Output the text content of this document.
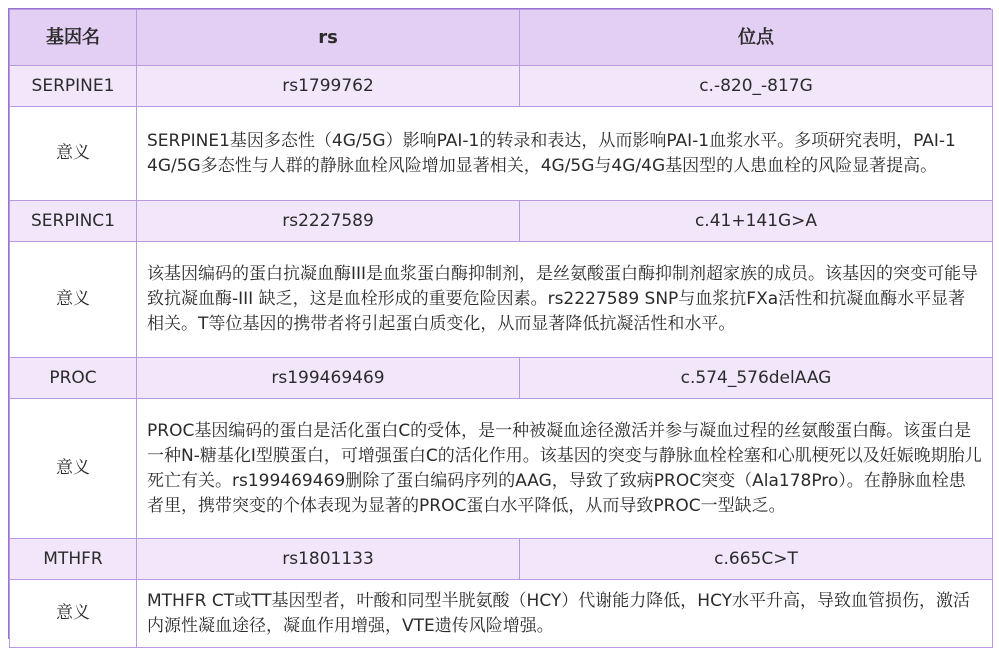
基因名	rs	位点
SERPINE1	rs1799762	c.-820_-817G
意义	SERPINE1基因多态性（4G/5G）影响PAI-1的转录和表达，从而影响PAI-1血浆水平。多项研究表明，PAI-1 4G/5G多态性与人群的静脉血栓风险增加显著相关，4G/5G与4G/4G基因型的人患血栓的风险显著提高。	
SERPINC1	rs2227589	c.41+141G>A
意义	该基因编码的蛋白抗凝血酶III是血浆蛋白酶抑制剂，是丝氨酸蛋白酶抑制剂超家族的成员。该基因的突变可能导致抗凝血酶-III 缺乏，这是血栓形成的重要危险因素。rs2227589 SNP与血浆抗FXa活性和抗凝血酶水平显著相关。T等位基因的携带者将引起蛋白质变化，从而显著降低抗凝活性和水平。	
PROC	rs199469469	c.574_576delAAG
意义	PROC基因编码的蛋白是活化蛋白C的受体，是一种被凝血途径激活并参与凝血过程的丝氨酸蛋白酶。该蛋白是一种N-糖基化I型膜蛋白，可增强蛋白C的活化作用。该基因的突变与静脉血栓栓塞和心肌梗死以及妊娠晚期胎儿死亡有关。rs199469469删除了蛋白编码序列的AAG，导致了致病PROC突变（Ala178Pro）。在静脉血栓患者里，携带突变的个体表现为显著的PROC蛋白水平降低，从而导致PROC一型缺乏。	
MTHFR	rs1801133	c.665C>T
意义	MTHFR CT或TT基因型者，叶酸和同型半胱氨酸（HCY）代谢能力降低，HCY水平升高，导致血管损伤，激活内源性凝血途径，凝血作用增强，VTE遗传风险增强。	
